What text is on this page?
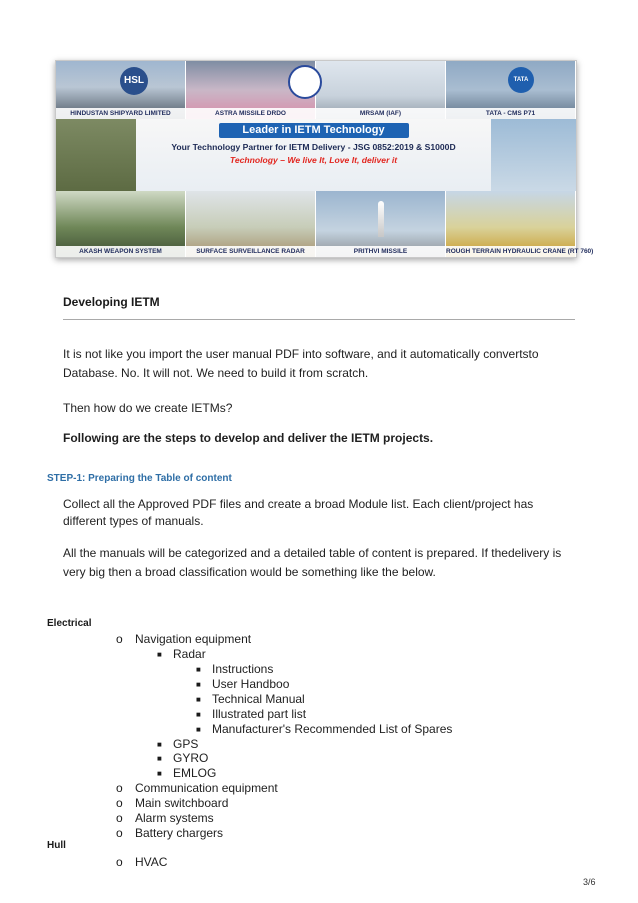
HINDUSTAN SHIPYARD LIMITED	ASTRA MISSILE DRDO	MRSAM (IAF)	TATA - CMS P71
HSL	TATA
Leader in IETM Technology
Your Technology Partner for IETM Delivery - JSG 0852:2019 & S1000D
Technology – We live It, Love It, deliver it
AKASH WEAPON SYSTEM	SURFACE SURVEILLANCE RADAR	PRITHVI MISSILE	ROUGH TERRAIN HYDRAULIC CRANE (RT 760)
Developing IETM

It is not like you import the user manual PDF into software, and it automatically convertsto Database. No. It will not. We need to build it from scratch.

Then how do we create IETMs?

Following are the steps to develop and deliver the IETM projects.

STEP-1: Preparing the Table of content

Collect all the Approved PDF files and create a broad Module list. Each client/project has different types of manuals.

All the manuals will be categorized and a detailed table of content is prepared. If thedelivery is very big then a broad classification would be something like the below.

Electrical
o Navigation equipment
■ Radar
■ Instructions
■ User Handboo
■ Technical Manual
■ Illustrated part list
■ Manufacturer's Recommended List of Spares
■ GPS
■ GYRO
■ EMLOG
o Communication equipment
o Main switchboard
o Alarm systems
o Battery chargers
Hull
o HVAC
3/6
